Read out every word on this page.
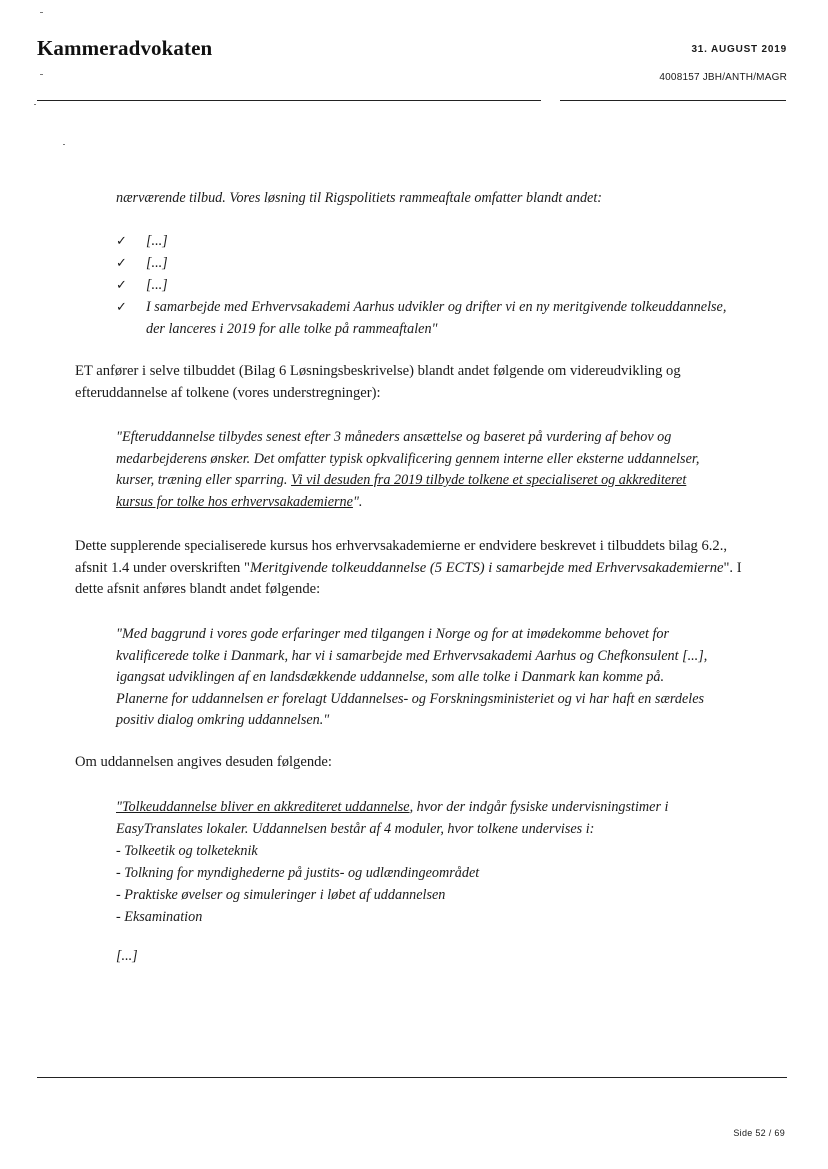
Kammeradvokaten	31. AUGUST 2019
4008157 JBH/ANTH/MAGR

nærværende tilbud. Vores løsning til Rigspolitiets rammeaftale omfatter blandt andet:

✓ [...]
✓ [...]
✓ [...]
✓ I samarbejde med Erhvervsakademi Aarhus udvikler og drifter vi en ny meritgivende tolkeuddannelse, der lanceres i 2019 for alle tolke på rammeaftalen"

ET anfører i selve tilbuddet (Bilag 6 Løsningsbeskrivelse) blandt andet følgende om videreudvikling og efteruddannelse af tolkene (vores understregninger):

"Efteruddannelse tilbydes senest efter 3 måneders ansættelse og baseret på vurdering af behov og medarbejderens ønsker. Det omfatter typisk opkvalificering gennem interne eller eksterne uddannelser, kurser, træning eller sparring. Vi vil desuden fra 2019 tilbyde tolkene et specialiseret og akkrediteret kursus for tolke hos erhvervsakademierne".

Dette supplerende specialiserede kursus hos erhvervsakademierne er endvidere beskrevet i tilbuddets bilag 6.2., afsnit 1.4 under overskriften "Meritgivende tolkeuddannelse (5 ECTS) i samarbejde med Erhvervsakademierne". I dette afsnit anføres blandt andet følgende:

"Med baggrund i vores gode erfaringer med tilgangen i Norge og for at imødekomme behovet for kvalificerede tolke i Danmark, har vi i samarbejde med Erhvervsakademi Aarhus og Chefkonsulent [...], igangsat udviklingen af en landsdækkende uddannelse, som alle tolke i Danmark kan komme på. Planerne for uddannelsen er forelagt Uddannelses- og Forskningsministeriet og vi har haft en særdeles positiv dialog omkring uddannelsen."

Om uddannelsen angives desuden følgende:

"Tolkeuddannelse bliver en akkrediteret uddannelse, hvor der indgår fysiske undervisningstimer i EasyTranslates lokaler. Uddannelsen består af 4 moduler, hvor tolkene undervises i:

- Tolkeetik og tolketeknik
- Tolkning for myndighederne på justits- og udlændingeområdet
- Praktiske øvelser og simuleringer i løbet af uddannelsen
- Eksamination

[...]

Side 52 / 69
